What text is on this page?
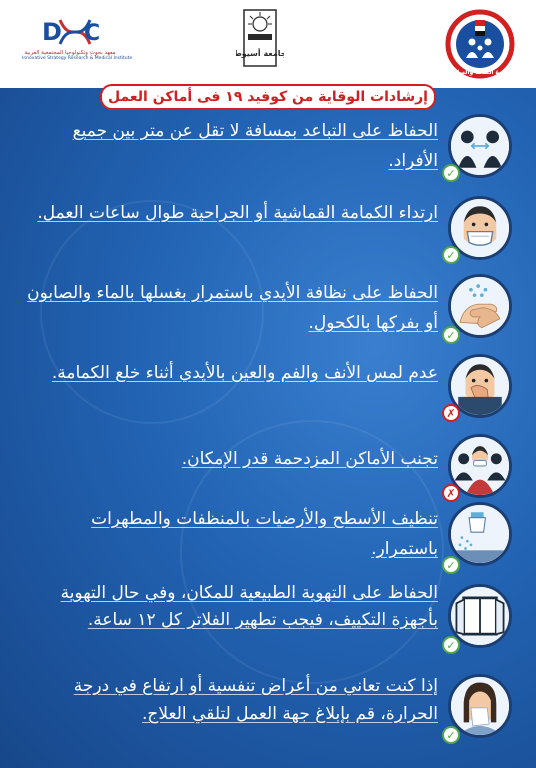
D C
معهد بحوث وتكنولوجيا المجتمعية العربية
Innovative Strategy Research & Medical Institute
جامعة أسيوط
وزارة الصحة والسكان
إرشادات الوقاية من كوفيد ١٩ فى أماكن العمل
الحفاظ على التباعد بمسافة لا تقل عن متر بين جميع الأفراد.
✓
ارتداء الكمامة القماشية أو الجراحية طوال ساعات العمل.
✓
الحفاظ على نظافة الأيدي باستمرار بغسلها بالماء والصابون أو بفركها بالكحول.
✓
عدم لمس الأنف والفم والعين بالأيدي أثناء خلع الكمامة.
✗
تجنب الأماكن المزدحمة قدر الإمكان.
✗
تنظيف الأسطح والأرضيات بالمنظفات والمطهرات باستمرار.
✓
الحفاظ على التهوية الطبيعية للمكان، وفي حال التهوية بأجهزة التكييف، فيجب تطهير الفلاتر كل ١٢ ساعة.
✓
إذا كنت تعاني من أعراض تنفسية أو ارتفاع في درجة الحرارة، قم بإبلاغ جهة العمل لتلقي العلاج.
✓
